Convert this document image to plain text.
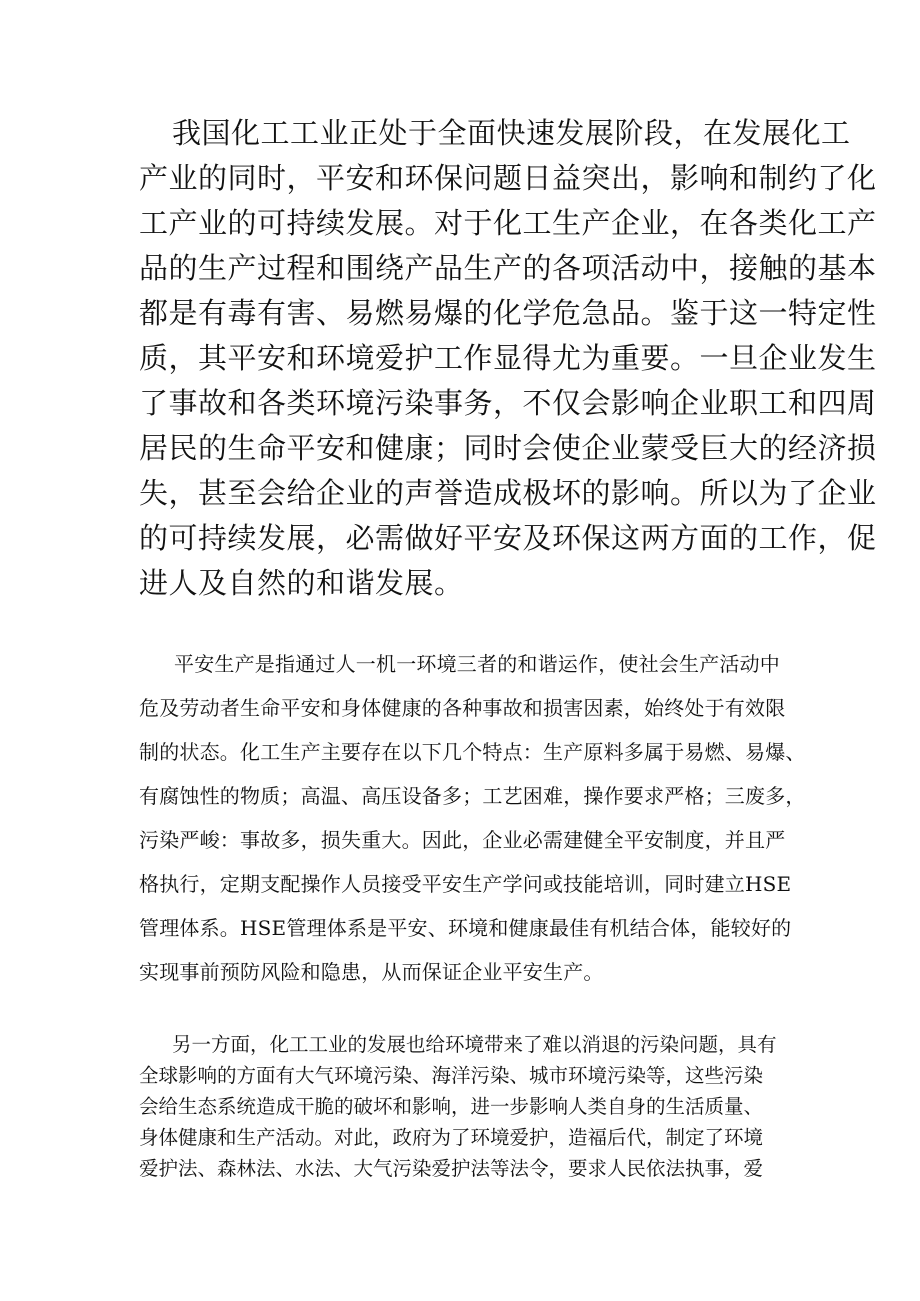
我国化工工业正处于全面快速发展阶段，在发展化工

产业的同时，平安和环保问题日益突出，影响和制约了化

工产业的可持续发展。对于化工生产企业，在各类化工产

品的生产过程和围绕产品生产的各项活动中，接触的基本

都是有毒有害、易燃易爆的化学危急品。鉴于这一特定性

质，其平安和环境爱护工作显得尤为重要。一旦企业发生

了事故和各类环境污染事务，不仅会影响企业职工和四周

居民的生命平安和健康；同时会使企业蒙受巨大的经济损

失，甚至会给企业的声誉造成极坏的影响。所以为了企业

的可持续发展，必需做好平安及环保这两方面的工作，促

进人及自然的和谐发展。

平安生产是指通过人一机一环境三者的和谐运作，使社会生产活动中

危及劳动者生命平安和身体健康的各种事故和损害因素，始终处于有效限

制的状态。化工生产主要存在以下几个特点：生产原料多属于易燃、易爆、

有腐蚀性的物质；高温、高压设备多；工艺困难，操作要求严格；三废多，

污染严峻：事故多，损失重大。因此，企业必需建健全平安制度，并且严

格执行，定期支配操作人员接受平安生产学问或技能培训，同时建立HSE

管理体系。HSE管理体系是平安、环境和健康最佳有机结合体，能较好的

实现事前预防风险和隐患，从而保证企业平安生产。

另一方面，化工工业的发展也给环境带来了难以消退的污染问题，具有

全球影响的方面有大气环境污染、海洋污染、城市环境污染等，这些污染

会给生态系统造成干脆的破坏和影响，进一步影响人类自身的生活质量、

身体健康和生产活动。对此，政府为了环境爱护，造福后代，制定了环境

爱护法、森林法、水法、大气污染爱护法等法令，要求人民依法执事，爱
